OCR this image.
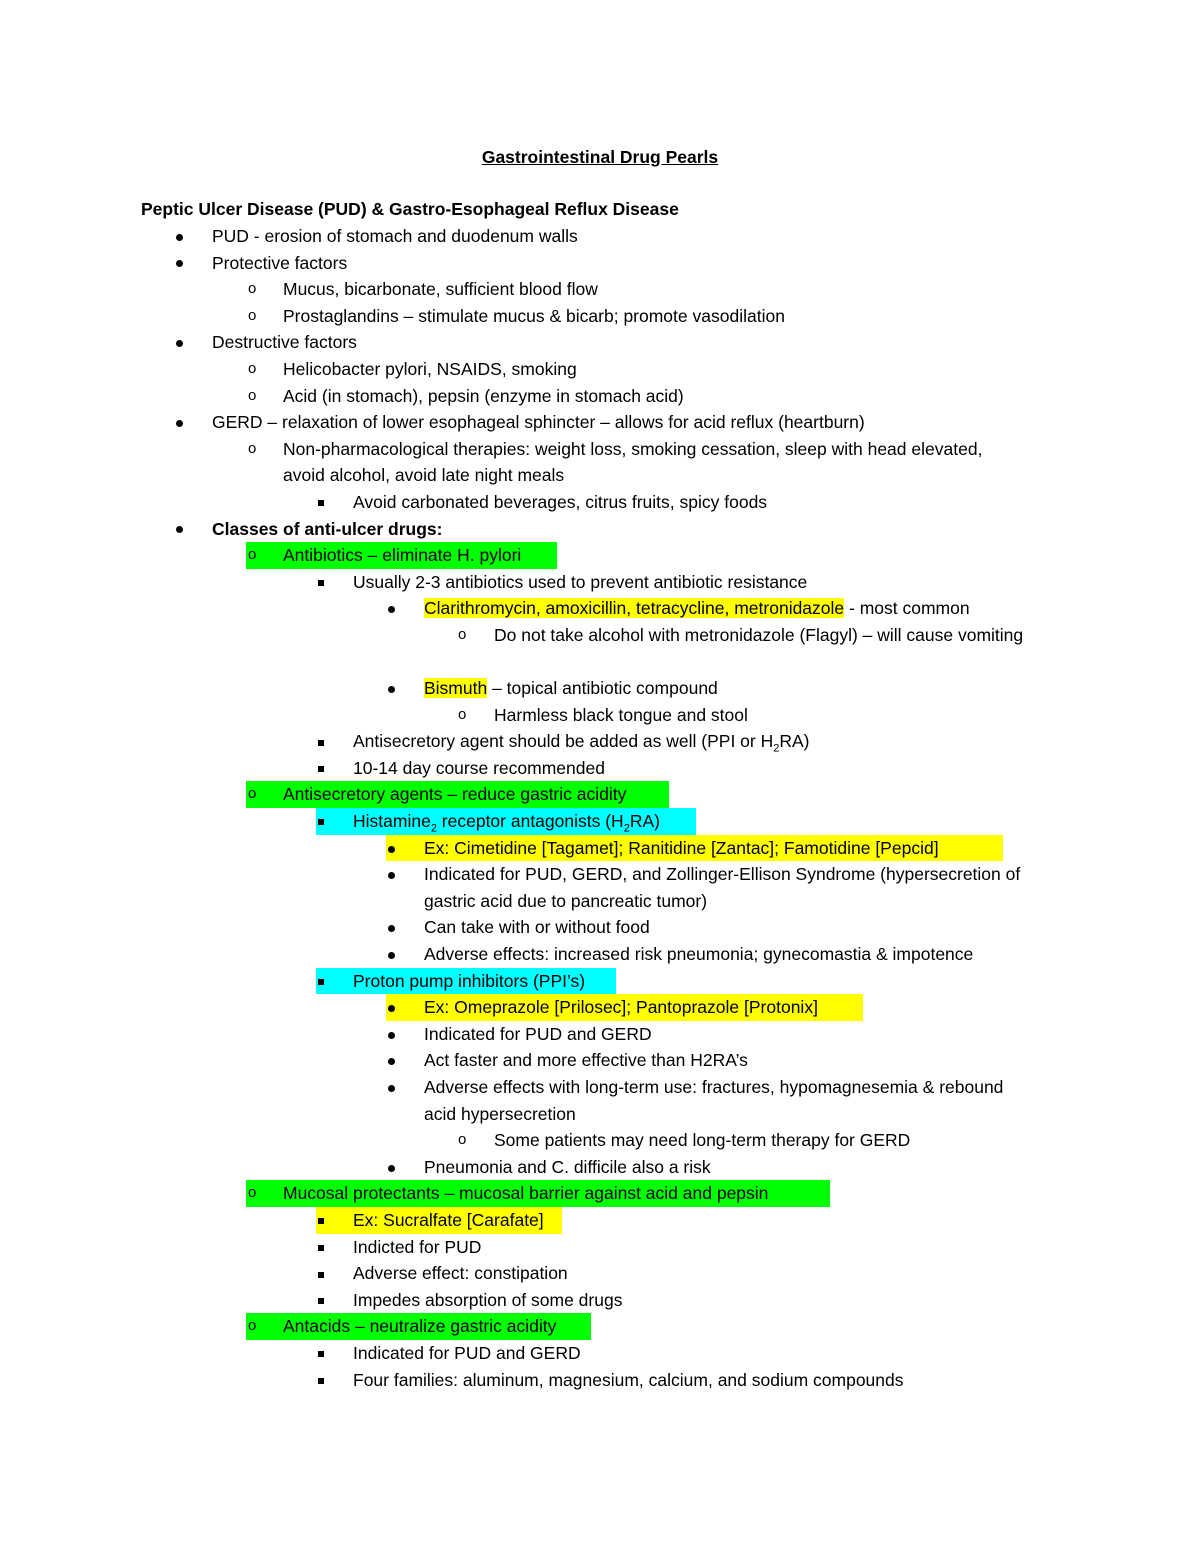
Gastrointestinal Drug Pearls
Peptic Ulcer Disease (PUD) & Gastro-Esophageal Reflux Disease
PUD - erosion of stomach and duodenum walls
Protective factors
o Mucus, bicarbonate, sufficient blood flow
o Prostaglandins – stimulate mucus & bicarb; promote vasodilation
Destructive factors
o Helicobacter pylori, NSAIDS, smoking
o Acid (in stomach), pepsin (enzyme in stomach acid)
GERD – relaxation of lower esophageal sphincter – allows for acid reflux (heartburn)
o Non-pharmacological therapies: weight loss, smoking cessation, sleep with head elevated, avoid alcohol, avoid late night meals
Avoid carbonated beverages, citrus fruits, spicy foods
Classes of anti-ulcer drugs:
o Antibiotics – eliminate H. pylori
Usually 2-3 antibiotics used to prevent antibiotic resistance
Clarithromycin, amoxicillin, tetracycline, metronidazole - most common
o Do not take alcohol with metronidazole (Flagyl) – will cause vomiting
Bismuth – topical antibiotic compound
o Harmless black tongue and stool
Antisecretory agent should be added as well (PPI or $H_2RA$)
10-14 day course recommended
o Antisecretory agents – reduce gastric acidity
Histamine$_2$ receptor antagonists $(H_2RA)$
Ex: Cimetidine [Tagamet]; Ranitidine [Zantac]; Famotidine [Pepcid]
Indicated for PUD, GERD, and Zollinger-Ellison Syndrome (hypersecretion of gastric acid due to pancreatic tumor)
Can take with or without food
Adverse effects: increased risk pneumonia; gynecomastia & impotence
Proton pump inhibitors (PPI’s)
Ex: Omeprazole [Prilosec]; Pantoprazole [Protonix]
Indicated for PUD and GERD
Act faster and more effective than H2RA’s
Adverse effects with long-term use: fractures, hypomagnesemia & rebound acid hypersecretion
o Some patients may need long-term therapy for GERD
Pneumonia and C. difficile also a risk
o Mucosal protectants – mucosal barrier against acid and pepsin
Ex: Sucralfate [Carafate]
Indicted for PUD
Adverse effect: constipation
Impedes absorption of some drugs
o Antacids – neutralize gastric acidity
Indicated for PUD and GERD
Four families: aluminum, magnesium, calcium, and sodium compounds
